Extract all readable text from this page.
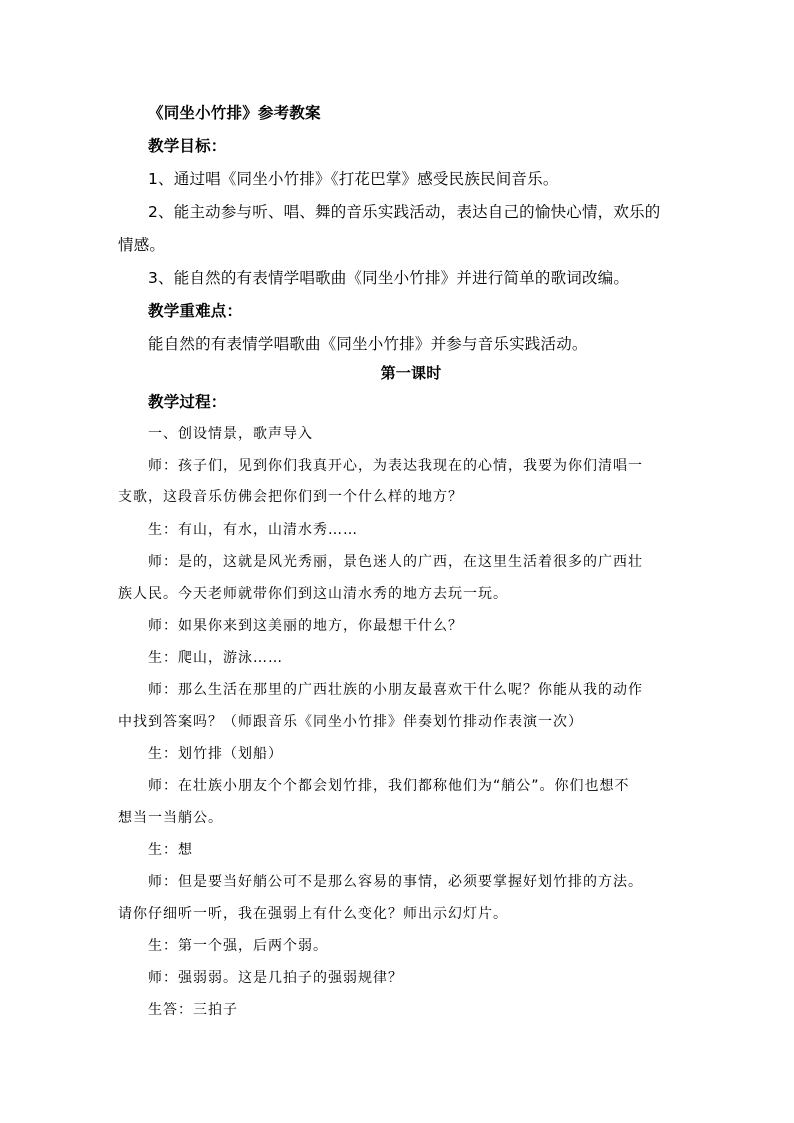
《同坐小竹排》参考教案
教学目标：
1、通过唱《同坐小竹排》《打花巴掌》感受民族民间音乐。
2、能主动参与听、唱、舞的音乐实践活动，表达自己的愉快心情，欢乐的
情感。
3、能自然的有表情学唱歌曲《同坐小竹排》并进行简单的歌词改编。
教学重难点：
能自然的有表情学唱歌曲《同坐小竹排》并参与音乐实践活动。
第一课时
教学过程：
一、创设情景，歌声导入
师：孩子们，见到你们我真开心，为表达我现在的心情，我要为你们清唱一
支歌，这段音乐仿佛会把你们到一个什么样的地方？
生：有山，有水，山清水秀……
师：是的，这就是风光秀丽，景色迷人的广西，在这里生活着很多的广西壮
族人民。今天老师就带你们到这山清水秀的地方去玩一玩。
师：如果你来到这美丽的地方，你最想干什么？
生：爬山，游泳……
师：那么生活在那里的广西壮族的小朋友最喜欢干什么呢？你能从我的动作
中找到答案吗？（师跟音乐《同坐小竹排》伴奏划竹排动作表演一次）
生：划竹排（划船）
师：在壮族小朋友个个都会划竹排，我们都称他们为“艄公”。你们也想不
想当一当艄公。
生：想
师：但是要当好艄公可不是那么容易的事情，必须要掌握好划竹排的方法。
请你仔细听一听，我在强弱上有什么变化？师出示幻灯片。
生：第一个强，后两个弱。
师：强弱弱。这是几拍子的强弱规律？
生答：三拍子
